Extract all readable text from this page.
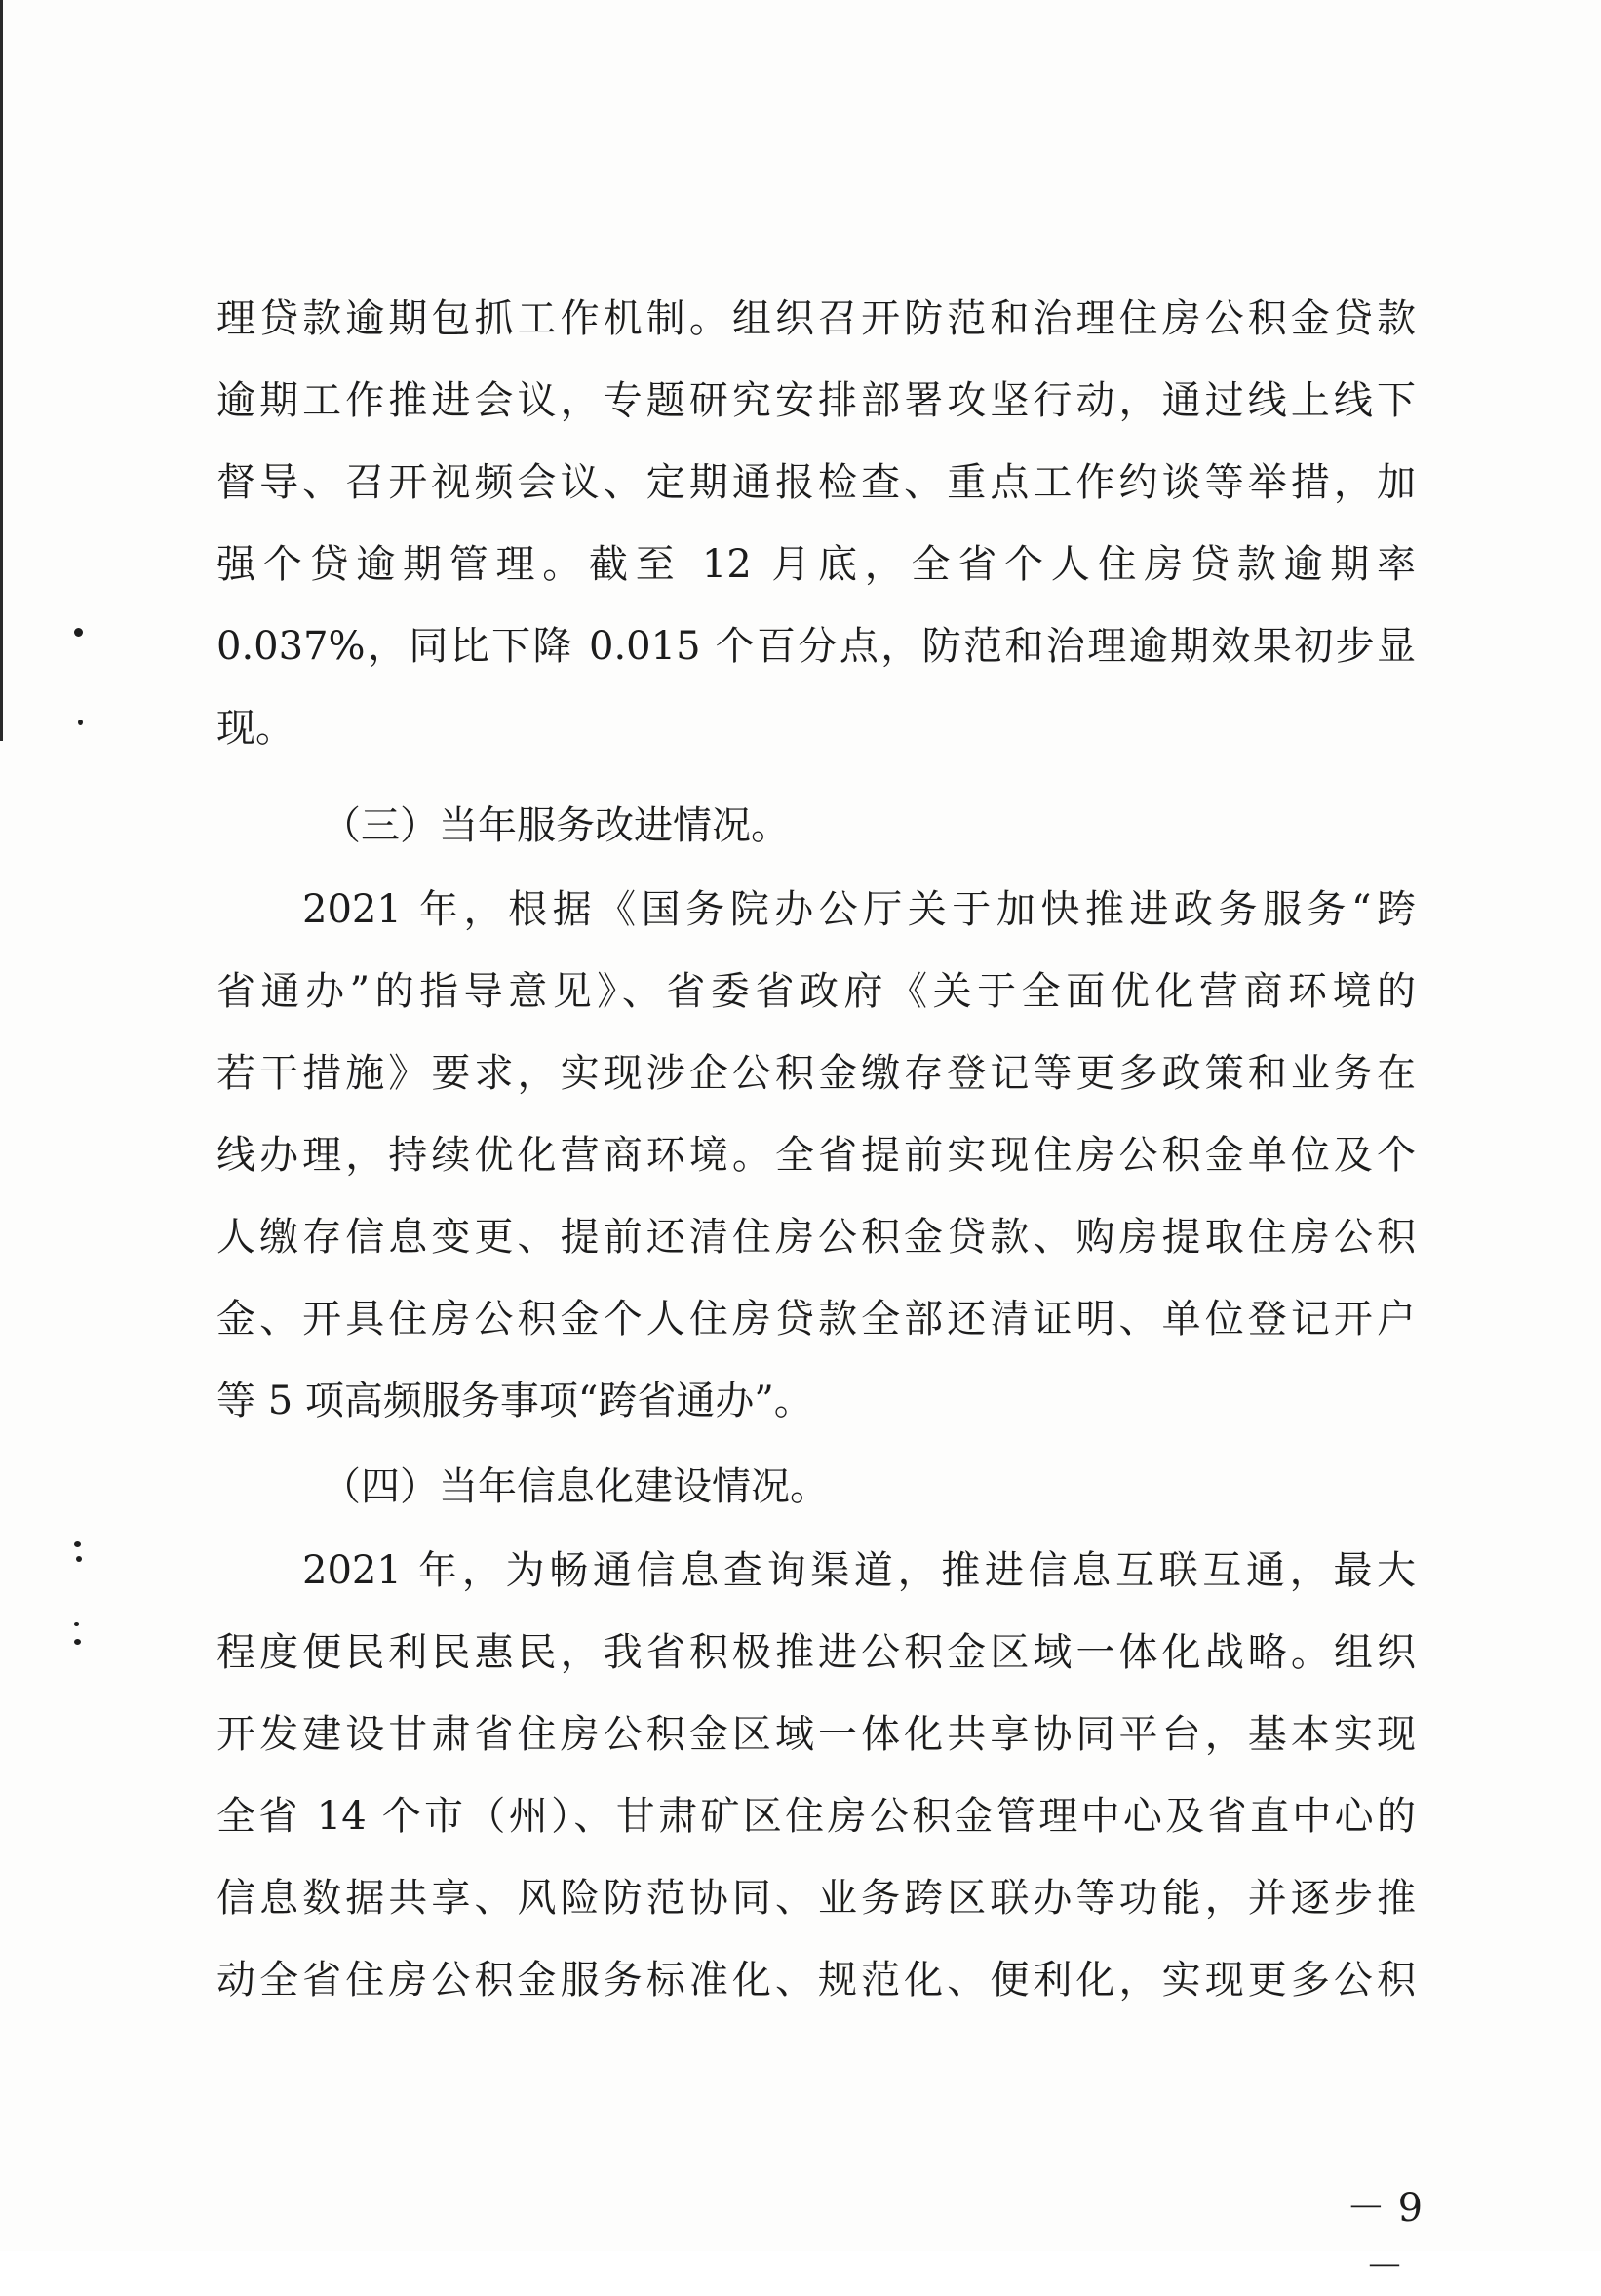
理贷款逾期包抓工作机制。组织召开防范和治理住房公积金贷款
逾期工作推进会议，专题研究安排部署攻坚行动，通过线上线下
督导、召开视频会议、定期通报检查、重点工作约谈等举措，加
强个贷逾期管理。截至 12 月底，全省个人住房贷款逾期率
0.037%，同比下降 0.015 个百分点，防范和治理逾期效果初步显
现。
（三）当年服务改进情况。
2021 年，根据《国务院办公厅关于加快推进政务服务“跨
省通办”的指导意见》、省委省政府《关于全面优化营商环境的
若干措施》要求，实现涉企公积金缴存登记等更多政策和业务在
线办理，持续优化营商环境。全省提前实现住房公积金单位及个
人缴存信息变更、提前还清住房公积金贷款、购房提取住房公积
金、开具住房公积金个人住房贷款全部还清证明、单位登记开户
等 5 项高频服务事项“跨省通办”。
（四）当年信息化建设情况。
2021 年，为畅通信息查询渠道，推进信息互联互通，最大
程度便民利民惠民，我省积极推进公积金区域一体化战略。组织
开发建设甘肃省住房公积金区域一体化共享协同平台，基本实现
全省 14 个市（州）、甘肃矿区住房公积金管理中心及省直中心的
信息数据共享、风险防范协同、业务跨区联办等功能，并逐步推
动全省住房公积金服务标准化、规范化、便利化，实现更多公积
－ 9 －
